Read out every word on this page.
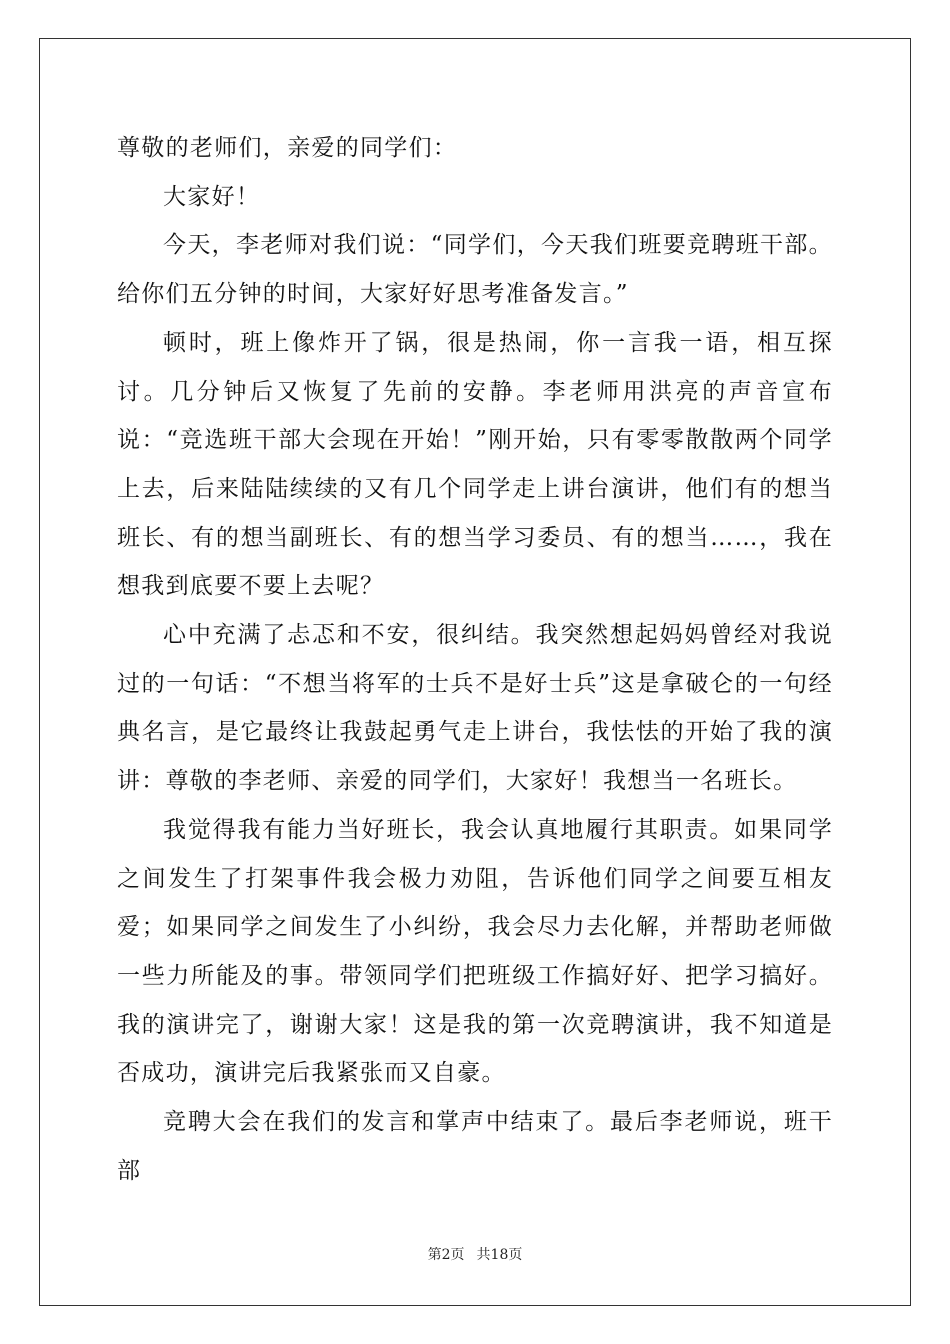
尊敬的老师们，亲爱的同学们：

大家好！

今天，李老师对我们说：“同学们，今天我们班要竞聘班干部。给你们五分钟的时间，大家好好思考准备发言。”

顿时，班上像炸开了锅，很是热闹，你一言我一语，相互探讨。几分钟后又恢复了先前的安静。李老师用洪亮的声音宣布说：“竞选班干部大会现在开始！”刚开始，只有零零散散两个同学上去，后来陆陆续续的又有几个同学走上讲台演讲，他们有的想当班长、有的想当副班长、有的想当学习委员、有的想当……，我在想我到底要不要上去呢？

心中充满了忐忑和不安，很纠结。我突然想起妈妈曾经对我说过的一句话：“不想当将军的士兵不是好士兵”这是拿破仑的一句经典名言，是它最终让我鼓起勇气走上讲台，我怯怯的开始了我的演讲：尊敬的李老师、亲爱的同学们，大家好！我想当一名班长。

我觉得我有能力当好班长，我会认真地履行其职责。如果同学之间发生了打架事件我会极力劝阻，告诉他们同学之间要互相友爱；如果同学之间发生了小纠纷，我会尽力去化解，并帮助老师做一些力所能及的事。带领同学们把班级工作搞好好、把学习搞好。我的演讲完了，谢谢大家！这是我的第一次竞聘演讲，我不知道是否成功，演讲完后我紧张而又自豪。

竞聘大会在我们的发言和掌声中结束了。最后李老师说，班干部

第2页 共18页
